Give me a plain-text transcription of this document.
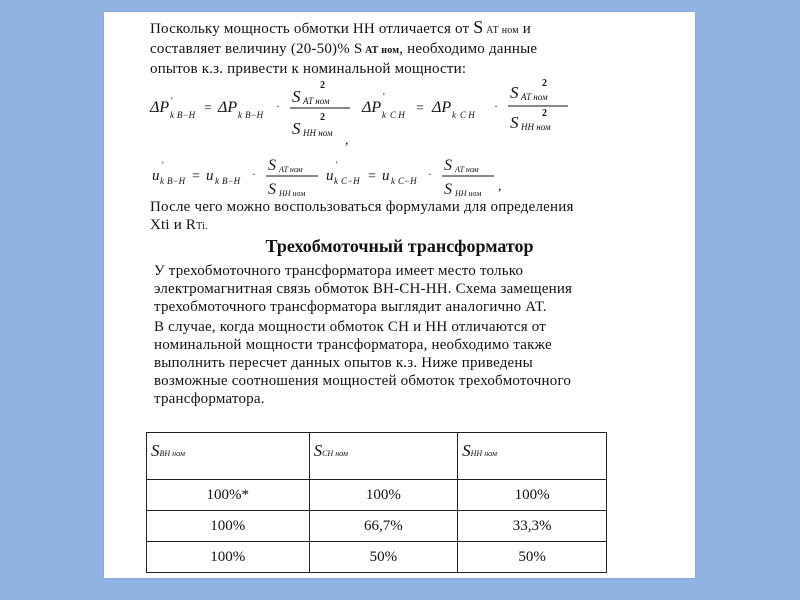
Поскольку мощность обмотки НН отличается от S АТ ном и
составляет величину (20-50)% S АТ ном, необходимо данные
опытов к.з. привести к номинальной мощности:
ΔP '
k B−H = ΔP k B−H
·
2
S AT ном
2
S HH ном ,
ΔP
'
k C H = ΔP k C H
·
2
S AT ном
2
S HH ном
u
'
k B−H = u k B−H · S AT ном
S HH ном
u
'
k C−H = u k C−H · S AT ном
S HH ном ,
После чего можно воспользоваться формулами для определения
Xti и RTi.
Трехобмоточный трансформатор
У трехобмоточного трансформатора имеет место только
электромагнитная связь обмоток ВН-СН-НН. Схема замещения
трехобмоточного трансформатора выглядит аналогично АТ.
В случае, когда мощности обмоток СН и НН отличаются от
номинальной мощности трансформатора, необходимо также
выполнить пересчет данных опытов к.з. Ниже приведены
возможные соотношения мощностей обмоток трехобмоточного
трансформатора.
SВН ном	SСН ном	SНН ном
100%*	100%	100%
100%	66,7%	33,3%
100%	50%	50%
